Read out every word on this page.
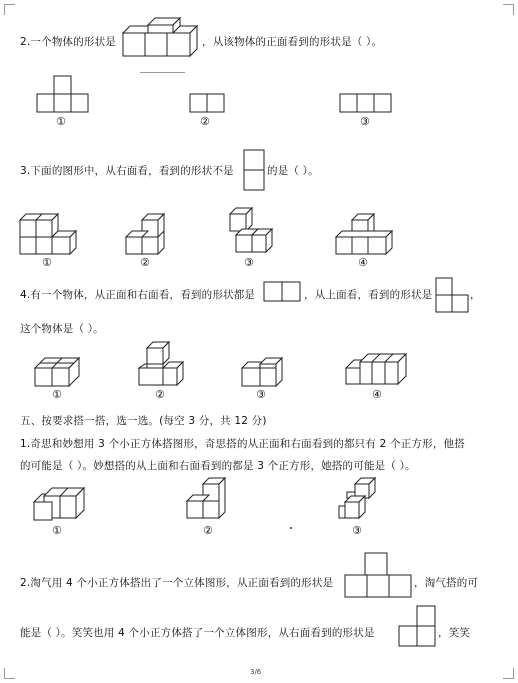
2.一个物体的形状是	，从该物体的正面看到的形状是（ ）。
①	②	③
3.下面的图形中，从右面看，看到的形状不是	的是（ ）。
①	②	③	④
4.有一个物体，从正面和右面看，看到的形状都是	，从上面看，看到的形状是	，
这个物体是（ ）。
①	②	③	④
五、按要求搭一搭，选一选。(每空 3 分，共 12 分)
1.奇思和妙想用 3 个小正方体搭图形，奇思搭的从正面和右面看到的都只有 2 个正方形，他搭
的可能是（ ）。妙想搭的从上面和右面看到的都是 3 个正方形，她搭的可能是（ ）。
①	②	③
2.淘气用 4 个小正方体搭出了一个立体图形，从正面看到的形状是	，淘气搭的可
能是（ ）。笑笑也用 4 个小正方体搭了一个立体图形，从右面看到的形状是	，笑笑
3/6
